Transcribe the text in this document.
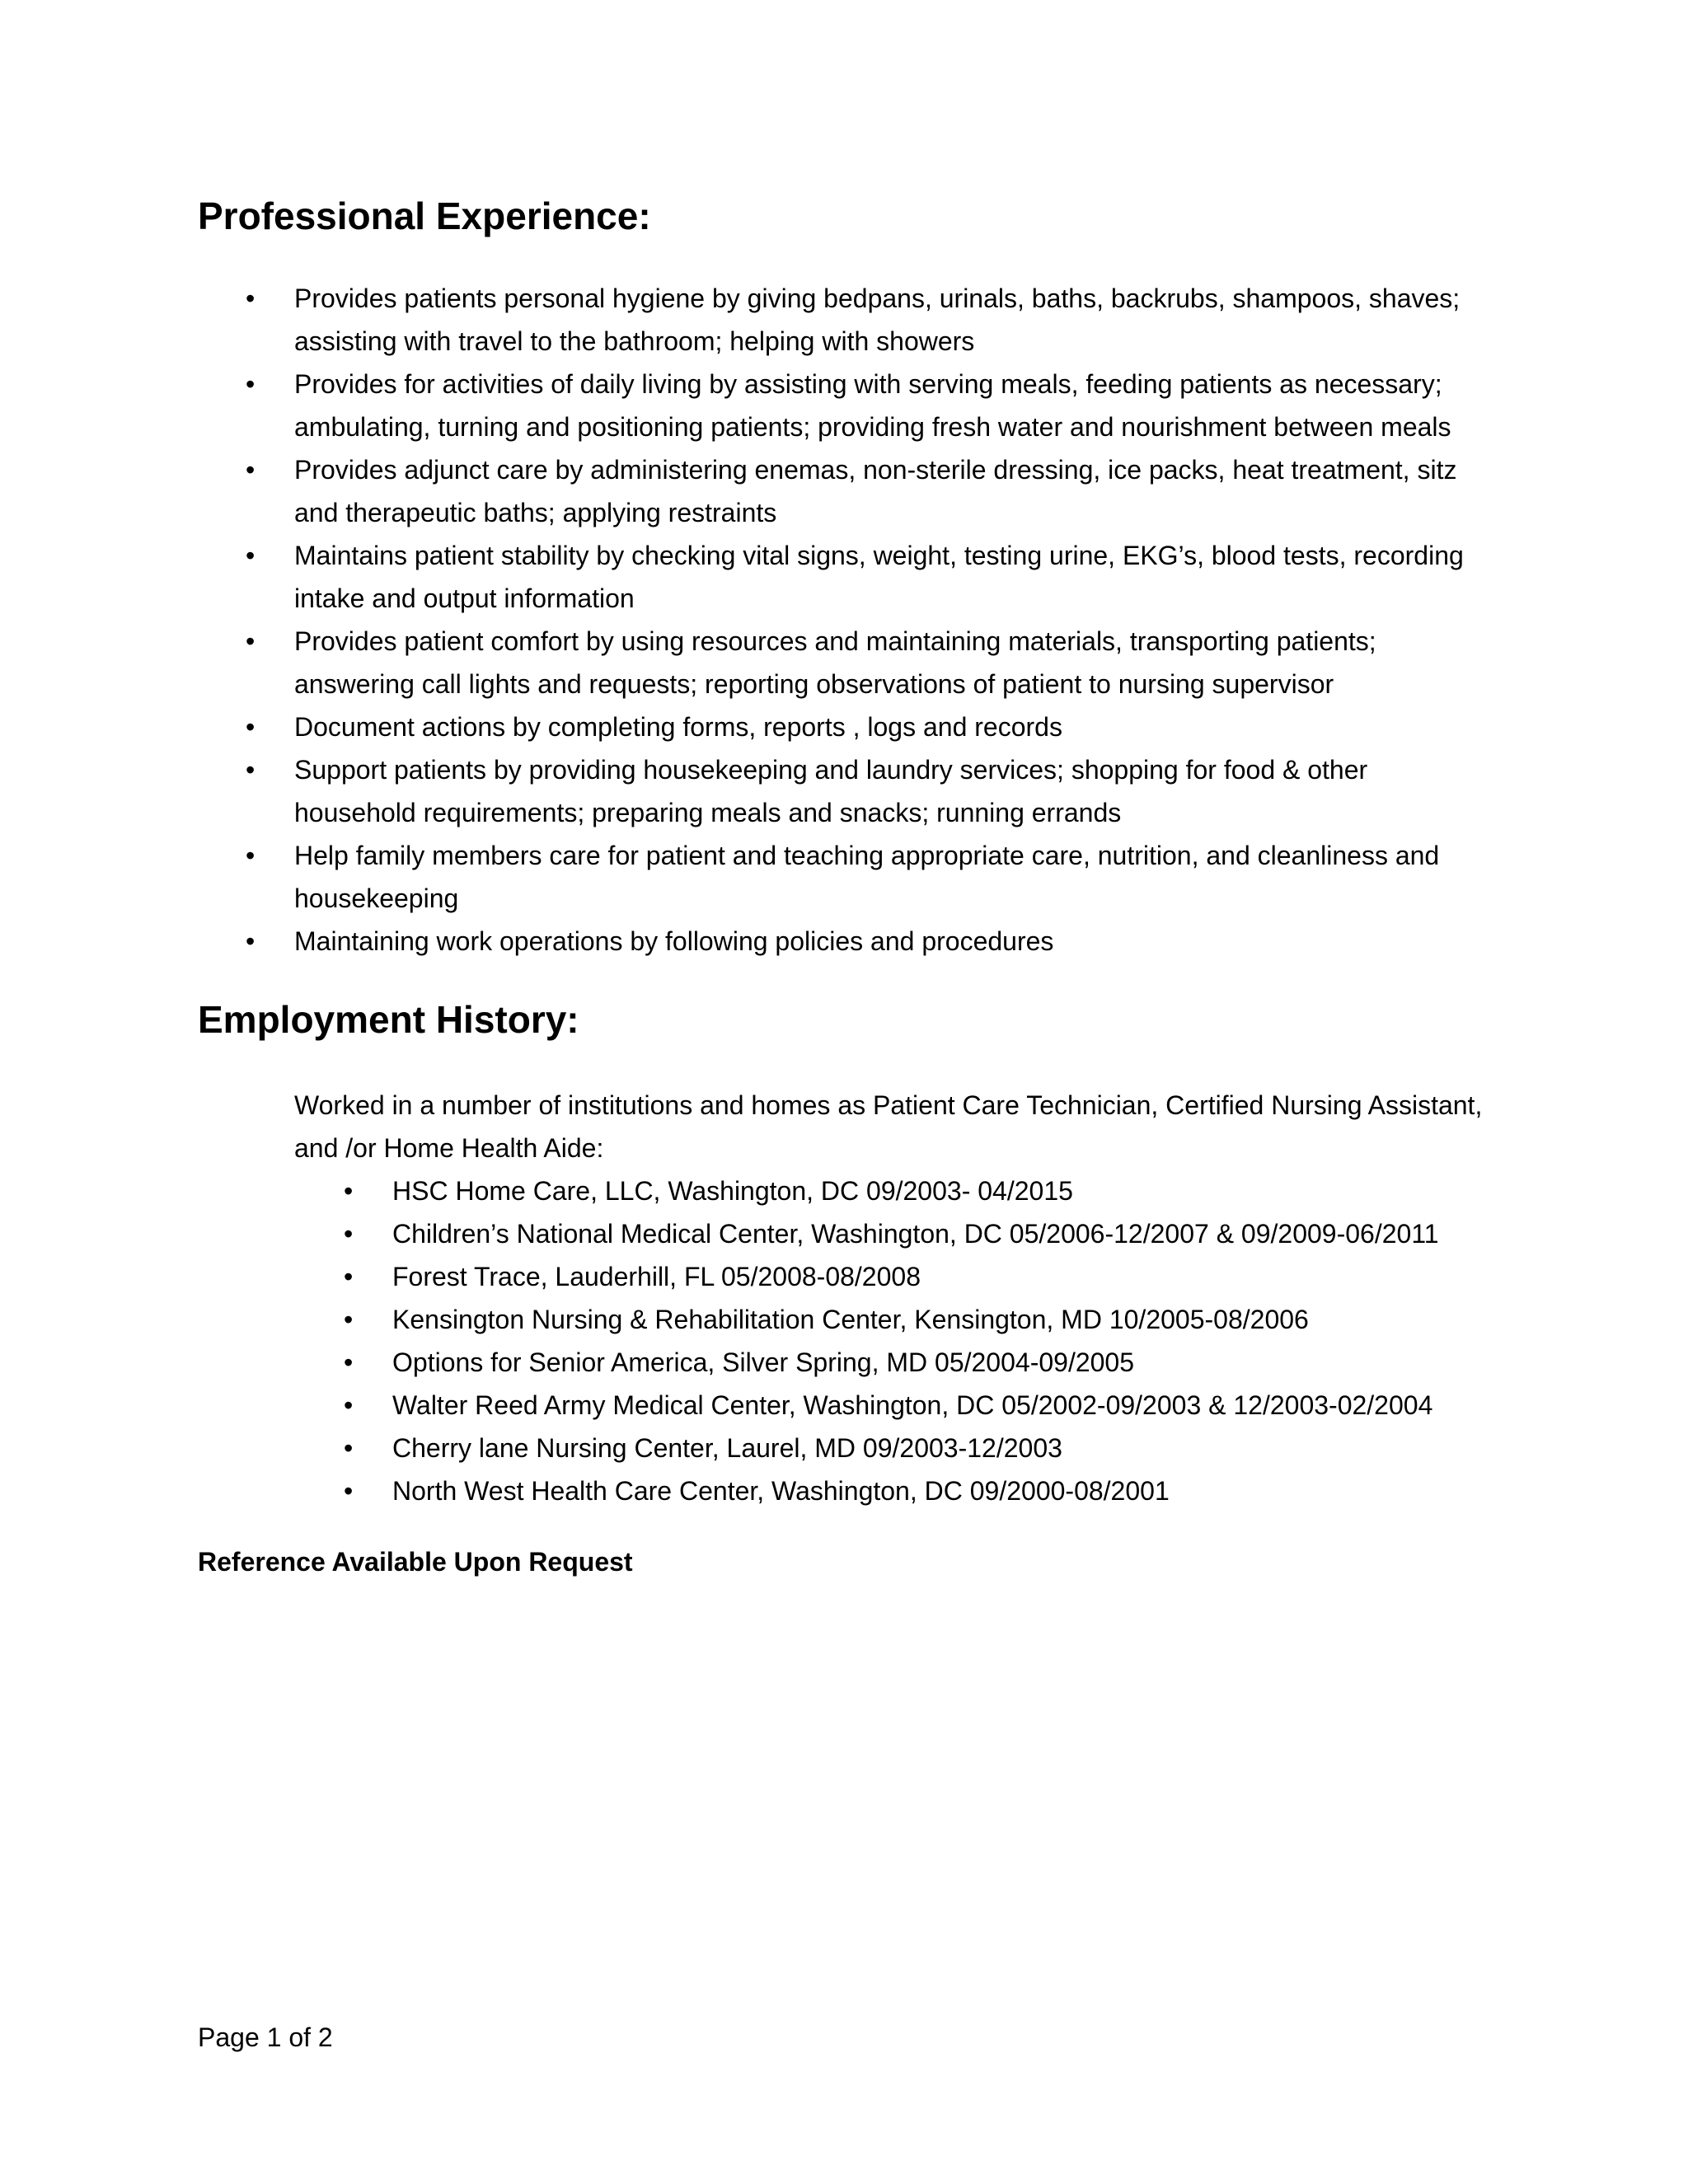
Professional Experience:
• Provides patients personal hygiene by giving bedpans, urinals, baths, backrubs, shampoos, shaves; assisting with travel to the bathroom; helping with showers
• Provides for activities of daily living by assisting with serving meals, feeding patients as necessary; ambulating, turning and positioning patients; providing fresh water and nourishment between meals
• Provides adjunct care by administering enemas, non-sterile dressing, ice packs, heat treatment, sitz and therapeutic baths; applying restraints
• Maintains patient stability by checking vital signs, weight, testing urine, EKG’s, blood tests, recording intake and output information
• Provides patient comfort by using resources and maintaining materials, transporting patients; answering call lights and requests; reporting observations of patient to nursing supervisor
• Document actions by completing forms, reports , logs and records
• Support patients by providing housekeeping and laundry services; shopping for food & other household requirements; preparing meals and snacks; running errands
• Help family members care for patient and teaching appropriate care, nutrition, and cleanliness and housekeeping
• Maintaining work operations by following policies and procedures
Employment History:

Worked in a number of institutions and homes as Patient Care Technician, Certified Nursing Assistant, and /or Home Health Aide:

• HSC Home Care, LLC, Washington, DC 09/2003- 04/2015
• Children’s National Medical Center, Washington, DC 05/2006-12/2007 & 09/2009-06/2011
• Forest Trace, Lauderhill, FL 05/2008-08/2008
• Kensington Nursing & Rehabilitation Center, Kensington, MD 10/2005-08/2006
• Options for Senior America, Silver Spring, MD 05/2004-09/2005
• Walter Reed Army Medical Center, Washington, DC 05/2002-09/2003 & 12/2003-02/2004
• Cherry lane Nursing Center, Laurel, MD 09/2003-12/2003
• North West Health Care Center, Washington, DC 09/2000-08/2001

Reference Available Upon Request

Page 1 of 2
